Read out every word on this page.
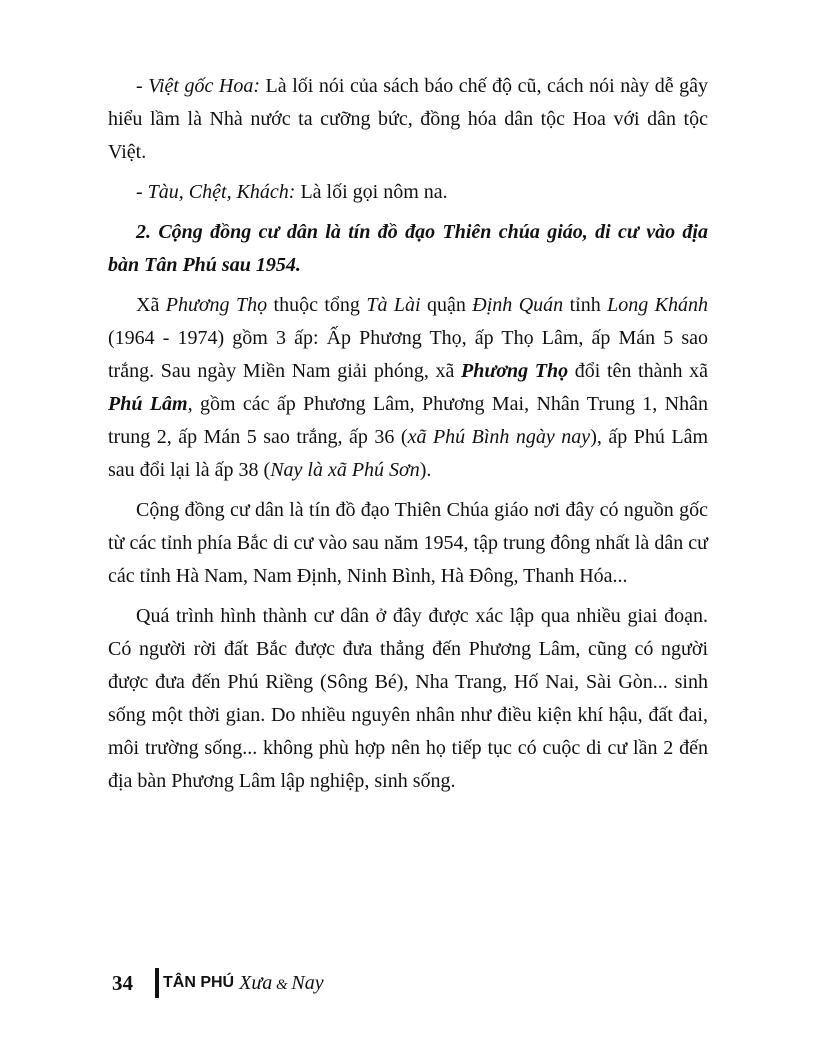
- Việt gốc Hoa: Là lối nói của sách báo chế độ cũ, cách nói này dễ gây hiểu lầm là Nhà nước ta cưỡng bức, đồng hóa dân tộc Hoa với dân tộc Việt.

- Tàu, Chệt, Khách: Là lối gọi nôm na.

2. Cộng đồng cư dân là tín đồ đạo Thiên chúa giáo, di cư vào địa bàn Tân Phú sau 1954.

Xã Phương Thọ thuộc tổng Tà Lài quận Định Quán tỉnh Long Khánh (1964 - 1974) gồm 3 ấp: Ấp Phương Thọ, ấp Thọ Lâm, ấp Mán 5 sao trắng. Sau ngày Miền Nam giải phóng, xã Phương Thọ đổi tên thành xã Phú Lâm, gồm các ấp Phương Lâm, Phương Mai, Nhân Trung 1, Nhân trung 2, ấp Mán 5 sao trắng, ấp 36 (xã Phú Bình ngày nay), ấp Phú Lâm sau đổi lại là ấp 38 (Nay là xã Phú Sơn).

Cộng đồng cư dân là tín đồ đạo Thiên Chúa giáo nơi đây có nguồn gốc từ các tỉnh phía Bắc di cư vào sau năm 1954, tập trung đông nhất là dân cư các tỉnh Hà Nam, Nam Định, Ninh Bình, Hà Đông, Thanh Hóa...

Quá trình hình thành cư dân ở đây được xác lập qua nhiều giai đoạn. Có người rời đất Bắc được đưa thẳng đến Phương Lâm, cũng có người được đưa đến Phú Riềng (Sông Bé), Nha Trang, Hố Nai, Sài Gòn... sinh sống một thời gian. Do nhiều nguyên nhân như điều kiện khí hậu, đất đai, môi trường sống... không phù hợp nên họ tiếp tục có cuộc di cư lần 2 đến địa bàn Phương Lâm lập nghiệp, sinh sống.

34 TÂN PHÚ Xưa & Nay
